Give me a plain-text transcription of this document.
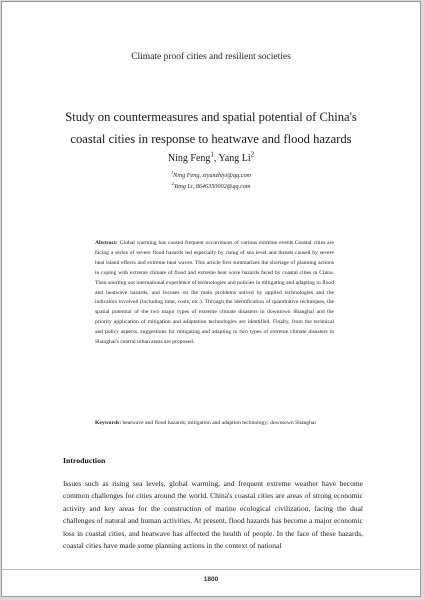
Climate proof cities and resilient societies
Study on countermeasures and spatial potential of China's
coastal cities in response to heatwave and flood hazards
Ning Feng$^1$, Yang Li$^2$
$^1$Ning Feng, ziyunzhiyi@qq.com
$^2$Yang Li, 8646350002@qq.com

Abstract: Global warming has caused frequent occurrences of various extreme events.Coastal cities are facing a series of severe flood hazards led especially by rising of sea level and threats caused by severe heat island effects and extreme heat waves. This article first summarizes the shortage of planning actions in coping with extreme climate of flood and extreme heat wave hazards faced by coastal cities in China. Then sourting out international experience of technologies and policies in mitigating and adapting to flood and heatwave hazards, and focuses on the main problems solved by applied technologies and the indicators involved (including time, costs, etc.). Through the identification of quantitative techniques, the spatial potential of the two major types of extreme climate disasters in downtown Shanghai and the priority application of mitigation and adaptation technologies are identified. Finally, from the technical and policy aspects, suggestions for mitigating and adapting to two types of extreme climate disasters in Shanghai's central urban areas are proposed.

Keywords: heatwave and flood hazards; mitigation and adaption technology; downtown Shanghai

Introduction

Issues such as rising sea levels, global warming, and frequent extreme weather have become common challenges for cities around the world. China's coastal cities are areas of strong economic activity and key areas for the construction of marine ecological civilization, facing the dual challenges of natural and human activities. At present, flood hazards has become a major economic loss in coastal cities, and heatwave has affected the health of people. In the face of these hazards, coastal cities have made some planning actions in the context of national

1800
